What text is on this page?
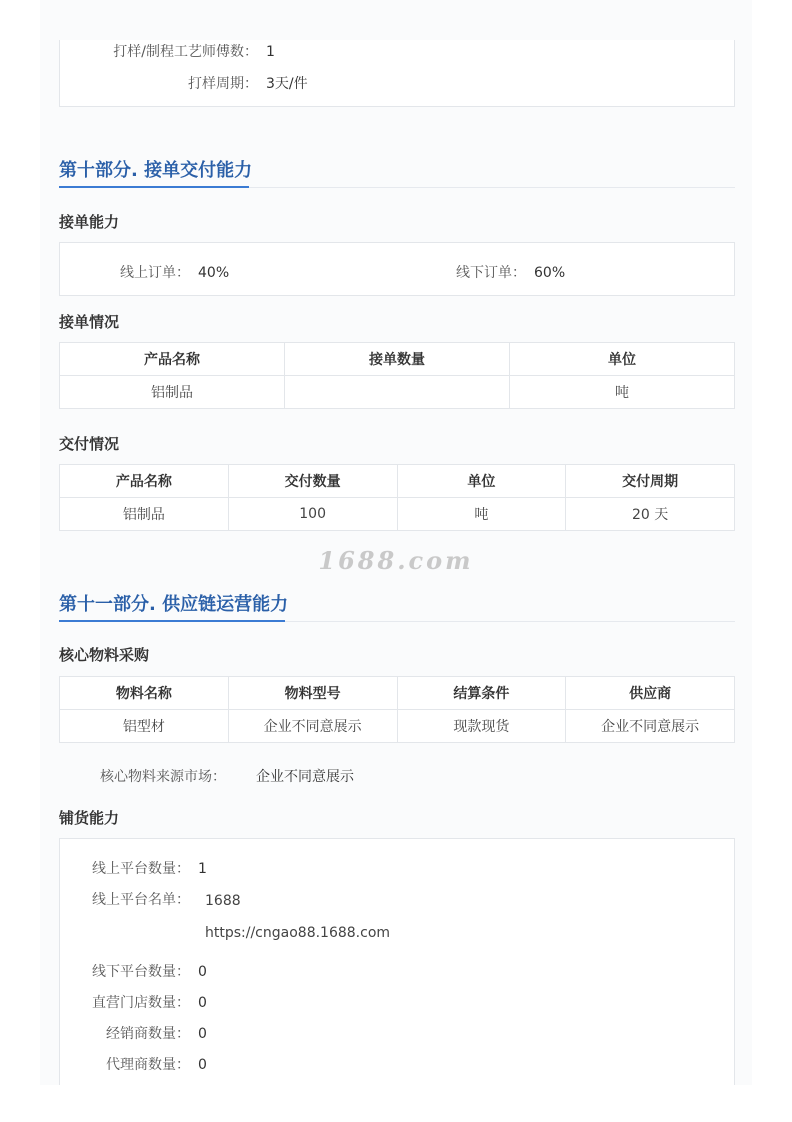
打样/制程工艺师傅数： 1
打样周期： 3天/件
第十部分. 接单交付能力
接单能力
线上订单： 40%	线下订单： 60%
接单情况
产品名称	接单数量	单位
铝制品		吨
交付情况
产品名称	交付数量	单位	交付周期
铝制品	100	吨	20 天
1688.com
第十一部分. 供应链运营能力
核心物料采购
物料名称	物料型号	结算条件	供应商
铝型材	企业不同意展示	现款现货	企业不同意展示
核心物料来源市场： 企业不同意展示
铺货能力
线上平台数量： 1
线上平台名单： 1688
https://cngao88.1688.com
线下平台数量： 0
直营门店数量： 0
经销商数量： 0
代理商数量： 0
